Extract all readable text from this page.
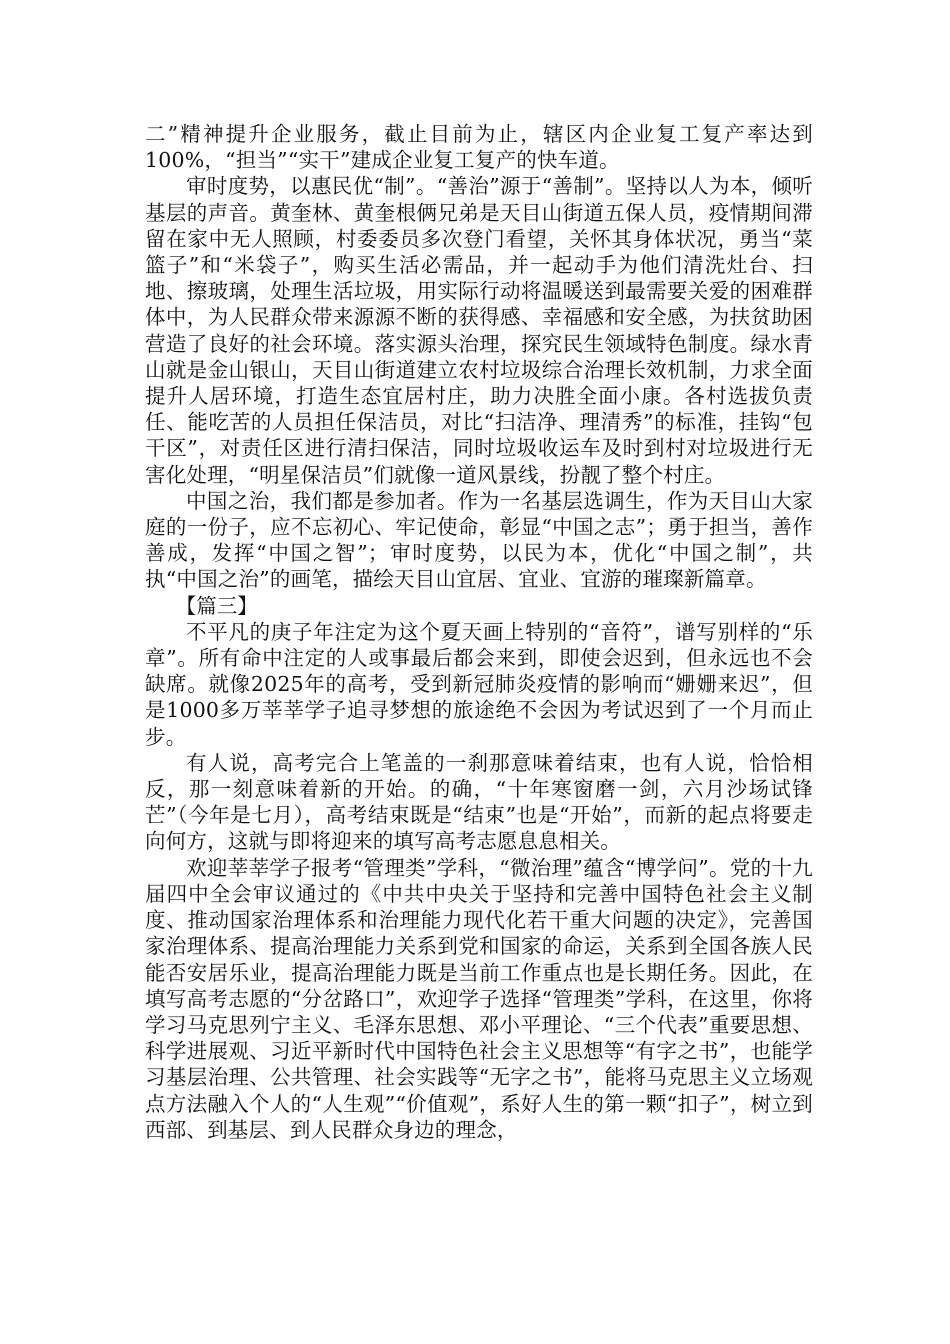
二”精神提升企业服务，截止目前为止，辖区内企业复工复产率达到100%，“担当”“实干”建成企业复工复产的快车道。

审时度势，以惠民优“制”。“善治”源于“善制”。坚持以人为本，倾听基层的声音。黄奎林、黄奎根俩兄弟是天目山街道五保人员，疫情期间滞留在家中无人照顾，村委委员多次登门看望，关怀其身体状况，勇当“菜篮子”和“米袋子”，购买生活必需品，并一起动手为他们清洗灶台、扫地、擦玻璃，处理生活垃圾，用实际行动将温暖送到最需要关爱的困难群体中，为人民群众带来源源不断的获得感、幸福感和安全感，为扶贫助困营造了良好的社会环境。落实源头治理，探究民生领域特色制度。绿水青山就是金山银山，天目山街道建立农村垃圾综合治理长效机制，力求全面提升人居环境，打造生态宜居村庄，助力决胜全面小康。各村选拔负责任、能吃苦的人员担任保洁员，对比“扫洁净、理清秀”的标准，挂钩“包干区”，对责任区进行清扫保洁，同时垃圾收运车及时到村对垃圾进行无害化处理，“明星保洁员”们就像一道风景线，扮靓了整个村庄。

中国之治，我们都是参加者。作为一名基层选调生，作为天目山大家庭的一份子，应不忘初心、牢记使命，彰显“中国之志”；勇于担当，善作善成，发挥“中国之智”；审时度势，以民为本，优化“中国之制”，共执“中国之治”的画笔，描绘天目山宜居、宜业、宜游的璀璨新篇章。

【篇三】

不平凡的庚子年注定为这个夏天画上特别的“音符”，谱写别样的“乐章”。所有命中注定的人或事最后都会来到，即使会迟到，但永远也不会缺席。就像2025年的高考，受到新冠肺炎疫情的影响而“姗姗来迟”，但是1000多万莘莘学子追寻梦想的旅途绝不会因为考试迟到了一个月而止步。

有人说，高考完合上笔盖的一刹那意味着结束，也有人说，恰恰相反，那一刻意味着新的开始。的确，“十年寒窗磨一剑，六月沙场试锋芒”（今年是七月），高考结束既是“结束”也是“开始”，而新的起点将要走向何方，这就与即将迎来的填写高考志愿息息相关。

欢迎莘莘学子报考“管理类”学科，“微治理”蕴含“博学问”。党的十九届四中全会审议通过的《中共中央关于坚持和完善中国特色社会主义制度、推动国家治理体系和治理能力现代化若干重大问题的决定》，完善国家治理体系、提高治理能力关系到党和国家的命运，关系到全国各族人民能否安居乐业，提高治理能力既是当前工作重点也是长期任务。因此，在填写高考志愿的“分岔路口”，欢迎学子选择“管理类”学科，在这里，你将学习马克思列宁主义、毛泽东思想、邓小平理论、“三个代表”重要思想、科学进展观、习近平新时代中国特色社会主义思想等“有字之书”，也能学习基层治理、公共管理、社会实践等“无字之书”，能将马克思主义立场观点方法融入个人的“人生观”“价值观”，系好人生的第一颗“扣子”，树立到西部、到基层、到人民群众身边的理念，
